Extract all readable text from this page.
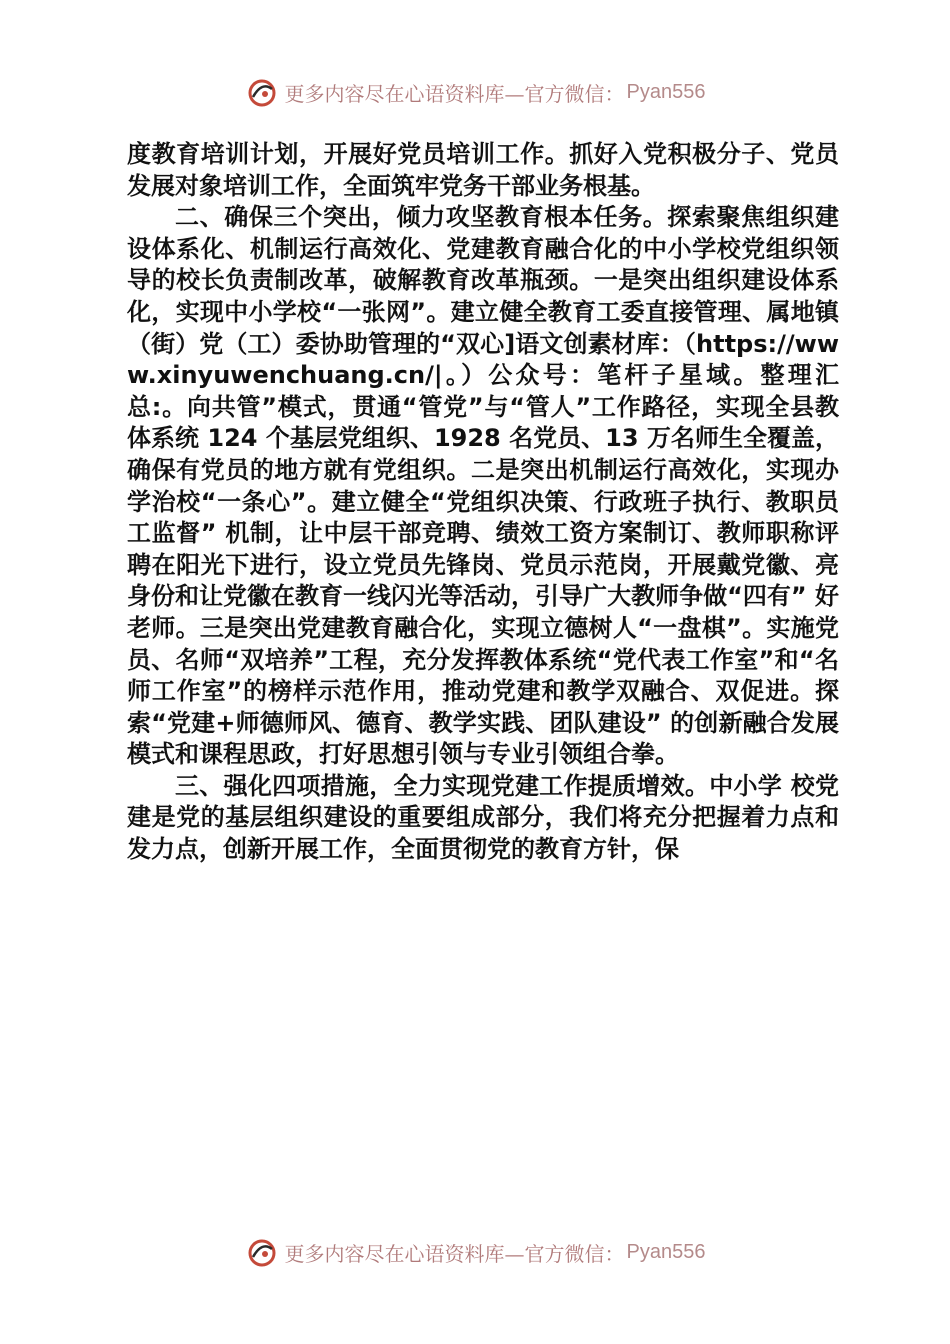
更多内容尽在心语资料库—官方微信： Pyan556

度教育培训计划，开展好党员培训工作。抓好入党积极分子、党员发展对象培训工作，全面筑牢党务干部业务根基。

二、确保三个突出，倾力攻坚教育根本任务。探索聚焦组织建设体系化、机制运行高效化、党建教育融合化的中小学校党组织领导的校长负责制改革，破解教育改革瓶颈。一是突出组织建设体系化，实现中小学校“一张网”。建立健全教育工委直接管理、属地镇（街）党（工）委协助管理的“双心]语文创素材库：（https://www.xinyuwenchuang.cn/|。）公众号：笔杆子星域。整理汇总:。向共管”模式，贯通“管党”与“管人”工作路径，实现全县教体系统 124 个基层党组织、1928 名党员、13 万名师生全覆盖，确保有党员的地方就有党组织。二是突出机制运行高效化，实现办学治校“一条心”。建立健全“党组织决策、行政班子执行、教职员工监督” 机制，让中层干部竞聘、绩效工资方案制订、教师职称评聘在阳光下进行，设立党员先锋岗、党员示范岗，开展戴党徽、亮身份和让党徽在教育一线闪光等活动，引导广大教师争做“四有” 好老师。三是突出党建教育融合化，实现立德树人“一盘棋”。实施党员、名师“双培养”工程，充分发挥教体系统“党代表工作室”和“名师工作室”的榜样示范作用，推动党建和教学双融合、双促进。探索“党建+师德师风、德育、教学实践、团队建设” 的创新融合发展模式和课程思政，打好思想引领与专业引领组合拳。

三、强化四项措施，全力实现党建工作提质增效。中小学 校党建是党的基层组织建设的重要组成部分，我们将充分把握着力点和发力点，创新开展工作，全面贯彻党的教育方针，保

更多内容尽在心语资料库—官方微信： Pyan556
